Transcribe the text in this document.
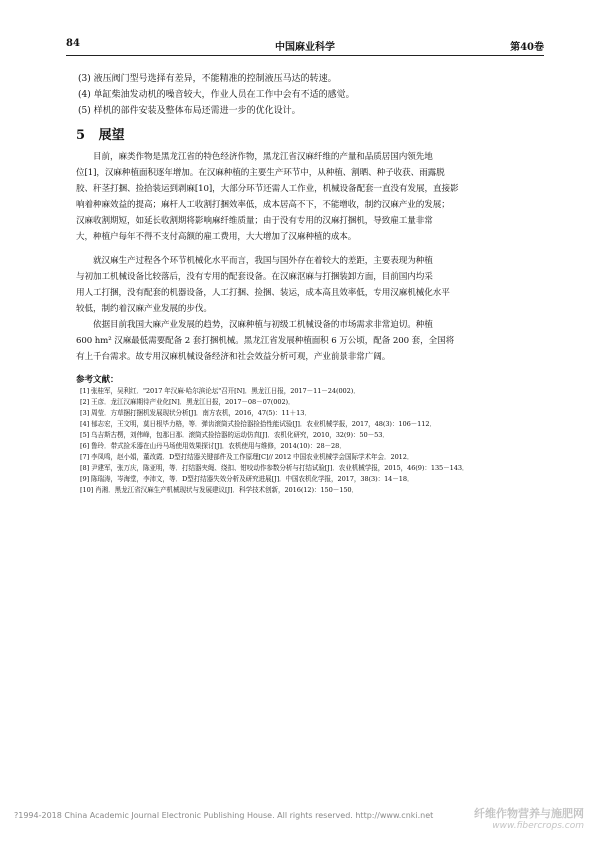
84	中国麻业科学	第40卷
(3) 液压阀门型号选择有差异，不能精准的控制液压马达的转速。
(4) 单缸柴油发动机的噪音较大，作业人员在工作中会有不适的感觉。
(5) 样机的部件安装及整体布局还需进一步的优化设计。
5 展望
目前，麻类作物是黑龙江省的特色经济作物，黑龙江省汉麻纤维的产量和品质居国内领先地
位[1]，汉麻种植面积逐年增加。在汉麻种植的主要生产环节中，从种植、割晒、种子收获、雨露脱
胶、秆茎打捆、捡拾装运到剥麻[10]，大部分环节还需人工作业，机械设备配套一直没有发展，直接影
响着种麻效益的提高；麻杆人工收割打捆效率低，成本居高不下，不能增收，制约汉麻产业的发展；
汉麻收割期短，如延长收割期将影响麻纤维质量；由于没有专用的汉麻打捆机，导致雇工量非常
大，种植户每年不得不支付高额的雇工费用，大大增加了汉麻种植的成本。
就汉麻生产过程各个环节机械化水平而言，我国与国外存在着较大的差距，主要表现为种植
与初加工机械设备比较落后，没有专用的配套设备。在汉麻沤麻与打捆装卸方面，目前国内均采
用人工打捆，没有配套的机器设备，人工打捆、捡捆、装运，成本高且效率低，专用汉麻机械化水平
较低，制约着汉麻产业发展的步伐。
依据目前我国大麻产业发展的趋势，汉麻种植与初级工机械设备的市场需求非常迫切。种植
600 hm² 汉麻最低需要配备 2 套打捆机械。黑龙江省发展种植面积 6 万公顷，配备 200 套，全国将
有上千台需求。故专用汉麻机械设备经济和社会效益分析可观，产业前景非常广阔。
参考文献：
[1] 张桂军，吴利红．"2017 年汉麻·哈尔滨论坛"召开[N]．黑龙江日报，2017－11－24(002)．
[2] 王彦．龙江汉麻期待产业化[N]．黑龙江日报，2017－08－07(002)．
[3] 周莹．方草捆打捆机发展现状分析[J]．南方农机，2016，47(5)：11＋13．
[4] 郁志宏，王文明，莫日根毕力格，等．弹齿滚筒式捡拾器捡拾性能试验[J]．农业机械学报，2017，48(3)：106－112．
[5] 乌吉斯古楞，刘伟峰，包那日那．滚筒式捡拾器的运动仿真[J]．农机化研究，2010，32(9)：50－53．
[6] 鲁玲．带式捡禾器在山丹马场使用效果探讨[J]．农机使用与维修，2014(10)：28－28．
[7] 李凤鸣，赵小娟，董改霞．D型打结器关键部件及工作原理[C]// 2012 中国农业机械学会国际学术年会．2012．
[8] 尹建军，张万庆，陈亚明，等．打结器夹绳、绕扣、钳咬动作参数分析与打结试验[J]．农业机械学报，2015，46(9)：135－143．
[9] 陈瑞涛，岑海堂，李沛文，等．D型打结器失效分析及研究进展[J]．中国农机化学报，2017，38(3)：14－18．
[10] 肖湘．黑龙江省汉麻生产机械现状与发展建议[J]．科学技术创新，2016(12)：150－150．
?1994-2018 China Academic Journal Electronic Publishing House. All rights reserved. http://www.cnki.net	纤维作物营养与施肥网
www.fibercrops.com
